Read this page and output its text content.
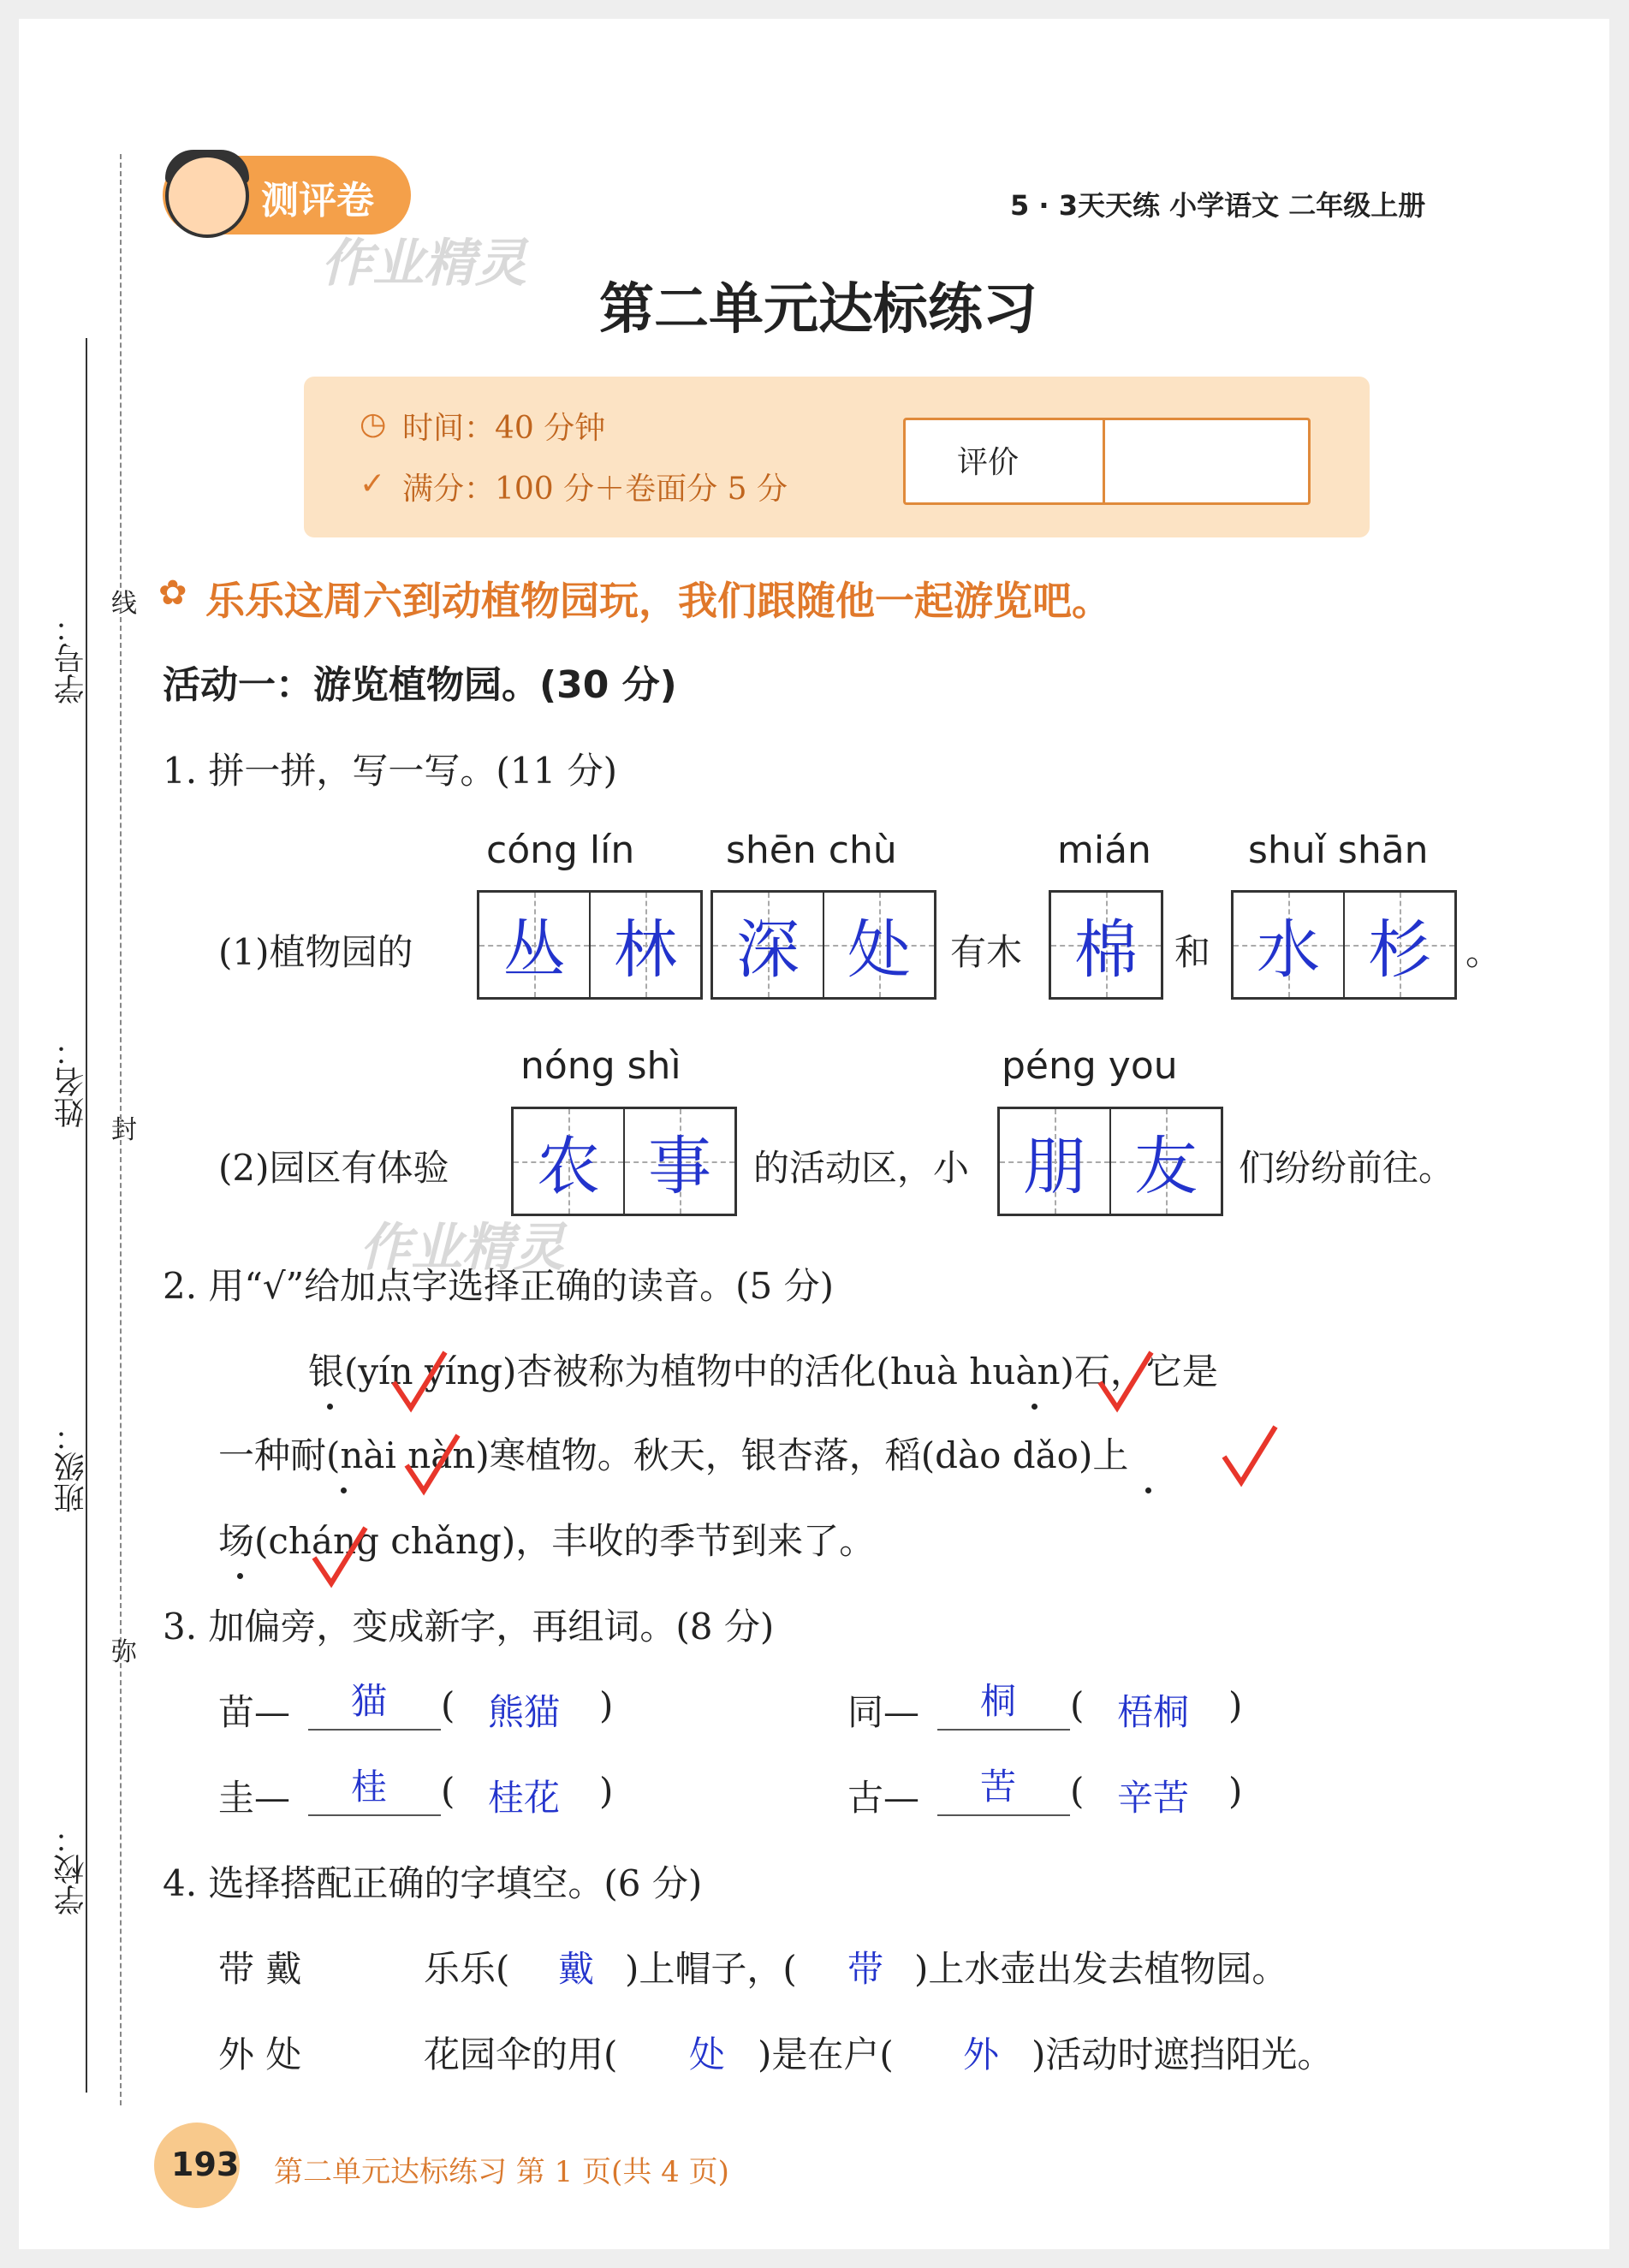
学号：
姓名：
班级：
学校：
线
封
弥
测评卷	5 · 3天天练 小学语文 二年级上册
作业精灵
第二单元达标练习
◷ 时间：40 分钟
✓ 满分：100 分＋卷面分 5 分
评价
✿ 乐乐这周六到动植物园玩，我们跟随他一起游览吧。
活动一：游览植物园。(30 分)
1. 拼一拼，写一写。(11 分)
cóng lín shēn chù	mián	shuǐ shān
(1)植物园的 丛 林 深 处 有木 棉 和 水 杉 。
nóng shì	péng you
(2)园区有体验 农 事 的活动区，小 朋 友 们纷纷前往。
作业精灵
2. 用“√”给加点字选择正确的读音。(5 分)
银(yín yíng)杏被称为植物中的活化(huà huàn)石，它是
一种耐(nài nàn)寒植物。秋天，银杏落，稻(dào dǎo)上
场(cháng chǎng)，丰收的季节到来了。
3. 加偏旁，变成新字，再组词。(8 分)
苗— 猫 ( 熊猫 )	同— 桐 ( 梧桐 )
圭— 桂 ( 桂花 )	古— 苦 ( 辛苦 )
4. 选择搭配正确的字填空。(6 分)
带 戴	乐乐( 戴 )上帽子，( 带 )上水壶出发去植物园。
外 处	花园伞的用( 处 )是在户( 外 )活动时遮挡阳光。
193 第二单元达标练习 第 1 页(共 4 页)
